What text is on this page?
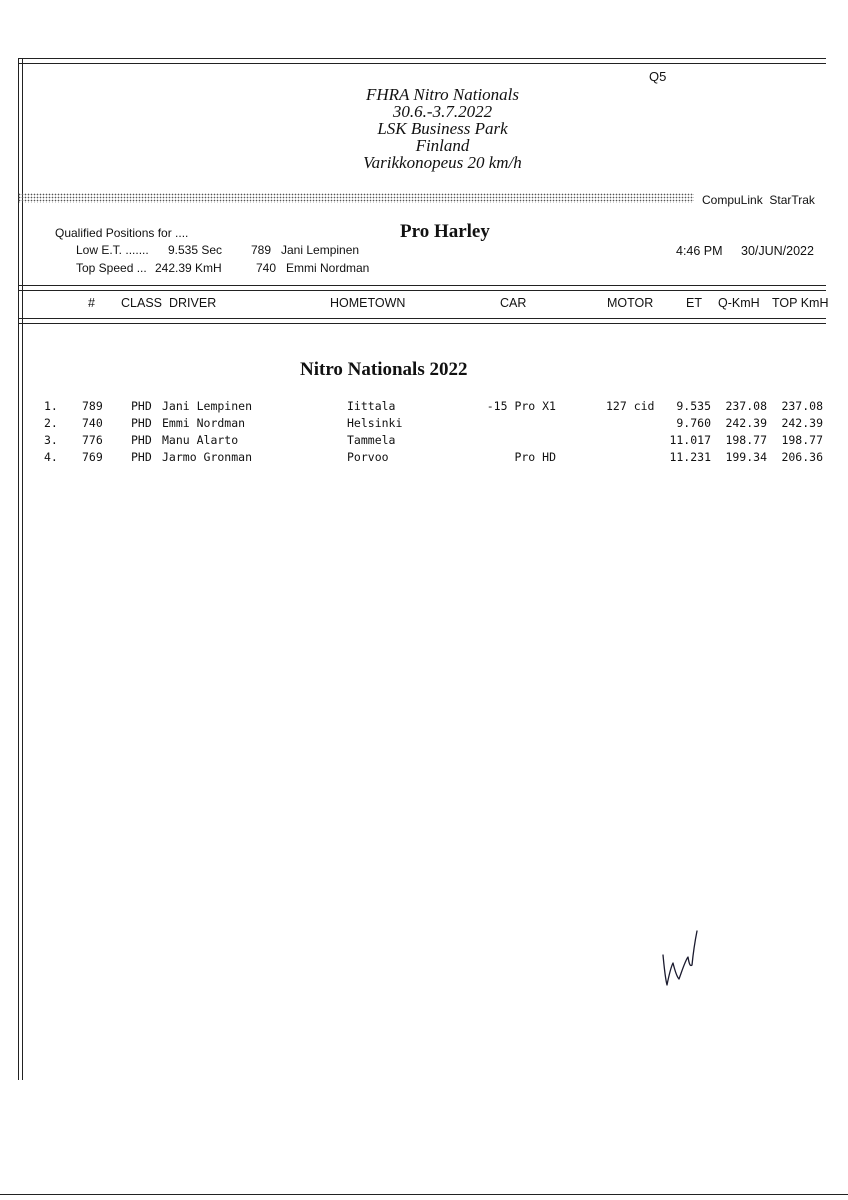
Q5
FHRA Nitro Nationals
30.6.-3.7.2022
LSK Business Park
Finland
Varikkonopeus 20 km/h
CompuLink  StarTrak
Qualified Positions for ....
Low E.T. ....... 9.535 Sec 789 Jani Lempinen
Top Speed ... 242.39 KmH	740 Emmi Nordman
Pro Harley
4:46 PM 30/JUN/2022
# CLASS DRIVER	HOMETOWN	CAR	MOTOR	ET Q-KmH TOP KmH
Nitro Nationals 2022
1. 789 PHD Jani Lempinen	Iittala	-15 Pro X1	127 cid 9.535 237.08 237.08
2. 740 PHD Emmi Nordman	Helsinki	9.760 242.39 242.39
3. 776 PHD Manu Alarto	Tammela	11.017 198.77 198.77
4. 769 PHD Jarmo Gronman	Porvoo	Pro HD	11.231 199.34 206.36
